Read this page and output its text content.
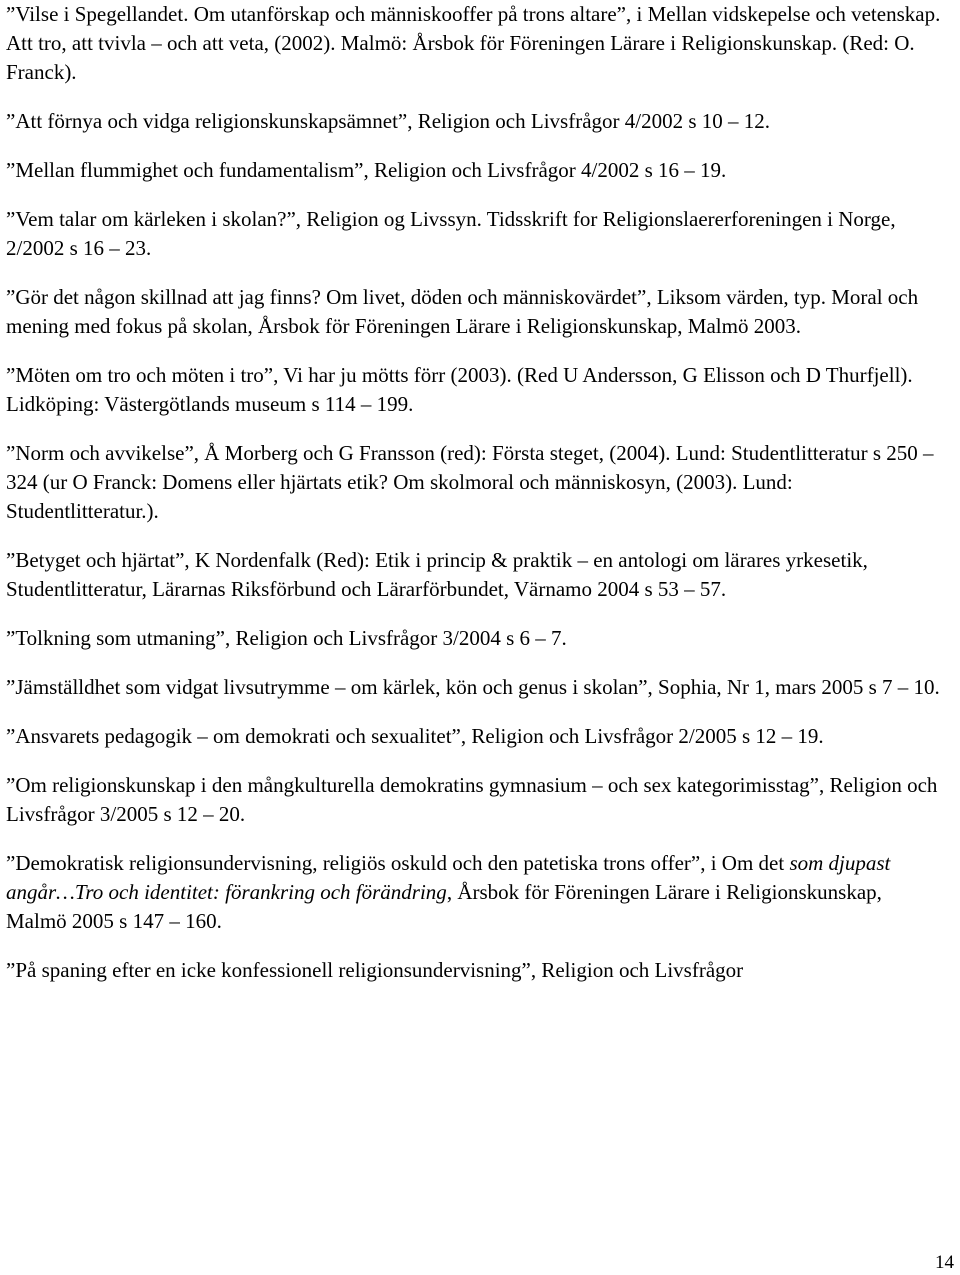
”Vilse i Spegellandet. Om utanförskap och människooffer på trons altare”, i Mellan vidskepelse och vetenskap. Att tro, att tvivla – och att veta, (2002). Malmö: Årsbok för Föreningen Lärare i Religionskunskap. (Red: O. Franck).

”Att förnya och vidga religionskunskapsämnet”, Religion och Livsfrågor 4/2002 s 10 – 12.

”Mellan flummighet och fundamentalism”, Religion och Livsfrågor 4/2002 s 16 – 19.

”Vem talar om kärleken i skolan?”, Religion og Livssyn. Tidsskrift for Religionslaererforeningen i Norge, 2/2002 s 16 – 23.

”Gör det någon skillnad att jag finns? Om livet, döden och människovärdet”, Liksom värden, typ. Moral och mening med fokus på skolan, Årsbok för Föreningen Lärare i Religionskunskap, Malmö 2003.

”Möten om tro och möten i tro”, Vi har ju mötts förr (2003). (Red U Andersson, G Elisson och D Thurfjell). Lidköping: Västergötlands museum s 114 – 199.

”Norm och avvikelse”, Å Morberg och G Fransson (red): Första steget, (2004). Lund: Studentlitteratur s 250 – 324 (ur O Franck: Domens eller hjärtats etik? Om skolmoral och människosyn, (2003). Lund: Studentlitteratur.).

”Betyget och hjärtat”, K Nordenfalk (Red): Etik i princip & praktik – en antologi om lärares yrkesetik, Studentlitteratur, Lärarnas Riksförbund och Lärarförbundet, Värnamo 2004 s 53 – 57.

”Tolkning som utmaning”, Religion och Livsfrågor 3/2004 s 6 – 7.

”Jämställdhet som vidgat livsutrymme – om kärlek, kön och genus i skolan”, Sophia, Nr 1, mars 2005 s 7 – 10.

”Ansvarets pedagogik – om demokrati och sexualitet”, Religion och Livsfrågor 2/2005 s 12 – 19.

”Om religionskunskap i den mångkulturella demokratins gymnasium – och sex kategorimisstag”, Religion och Livsfrågor 3/2005 s 12 – 20.

”Demokratisk religionsundervisning, religiös oskuld och den patetiska trons offer”, i Om det som djupast angår…Tro och identitet: förankring och förändring, Årsbok för Föreningen Lärare i Religionskunskap, Malmö 2005 s 147 – 160.

”På spaning efter en icke konfessionell religionsundervisning”, Religion och Livsfrågor

14
